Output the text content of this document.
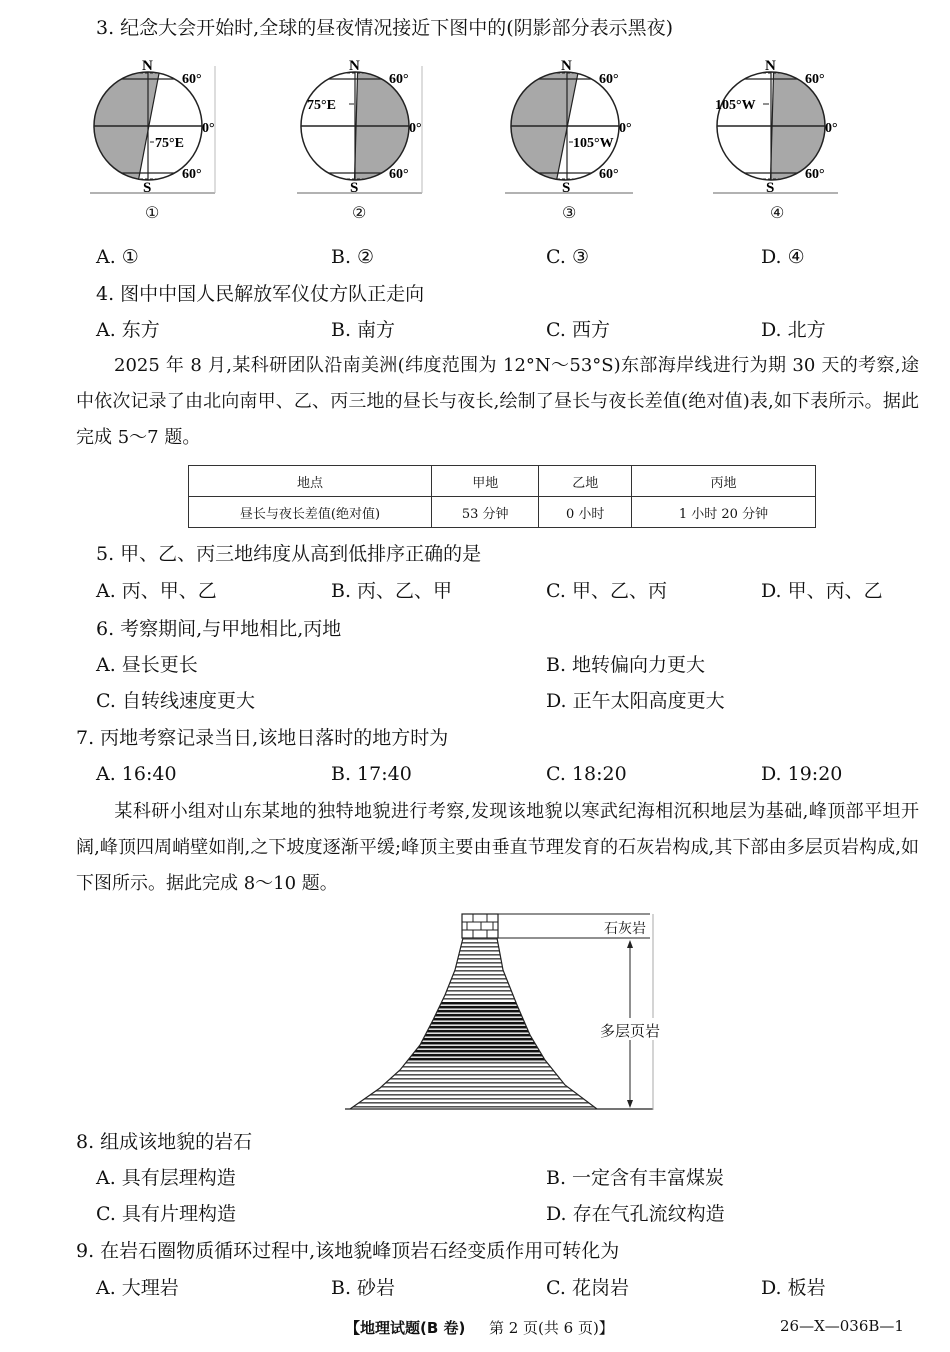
3. 纪念大会开始时,全球的昼夜情况接近下图中的(阴影部分表示黑夜)
N
S
60°
60°
0°
75°E
①
N
S
60°
60°
0°
75°E
②
N
S
60°
60°
0°
105°W
③
N
S
60°
60°
0°
105°W
④
A. ①	B. ②	C. ③	D. ④
4. 图中中国人民解放军仪仗方队正走向
A. 东方	B. 南方	C. 西方	D. 北方
2025 年 8 月,某科研团队沿南美洲(纬度范围为 12°N～53°S)东部海岸线进行为期 30 天的考察,途中依次记录了由北向南甲、乙、丙三地的昼长与夜长,绘制了昼长与夜长差值(绝对值)表,如下表所示。据此完成 5～7 题。
地点	甲地	乙地	丙地
昼长与夜长差值(绝对值)	53 分钟	0 小时	1 小时 20 分钟
5. 甲、乙、丙三地纬度从高到低排序正确的是
A. 丙、甲、乙	B. 丙、乙、甲	C. 甲、乙、丙	D. 甲、丙、乙
6. 考察期间,与甲地相比,丙地
A. 昼长更长	B. 地转偏向力更大
C. 自转线速度更大	D. 正午太阳高度更大
7. 丙地考察记录当日,该地日落时的地方时为
A. 16:40	B. 17:40	C. 18:20	D. 19:20
某科研小组对山东某地的独特地貌进行考察,发现该地貌以寒武纪海相沉积地层为基础,峰顶部平坦开阔,峰顶四周峭壁如削,之下坡度逐渐平缓;峰顶主要由垂直节理发育的石灰岩构成,其下部由多层页岩构成,如下图所示。据此完成 8～10 题。
石灰岩
多层页岩
8. 组成该地貌的岩石
A. 具有层理构造	B. 一定含有丰富煤炭
C. 具有片理构造	D. 存在气孔流纹构造
9. 在岩石圈物质循环过程中,该地貌峰顶岩石经变质作用可转化为
A. 大理岩	B. 砂岩	C. 花岗岩	D. 板岩
【地理试题(B 卷) 第 2 页(共 6 页)】	26—X—036B—1
